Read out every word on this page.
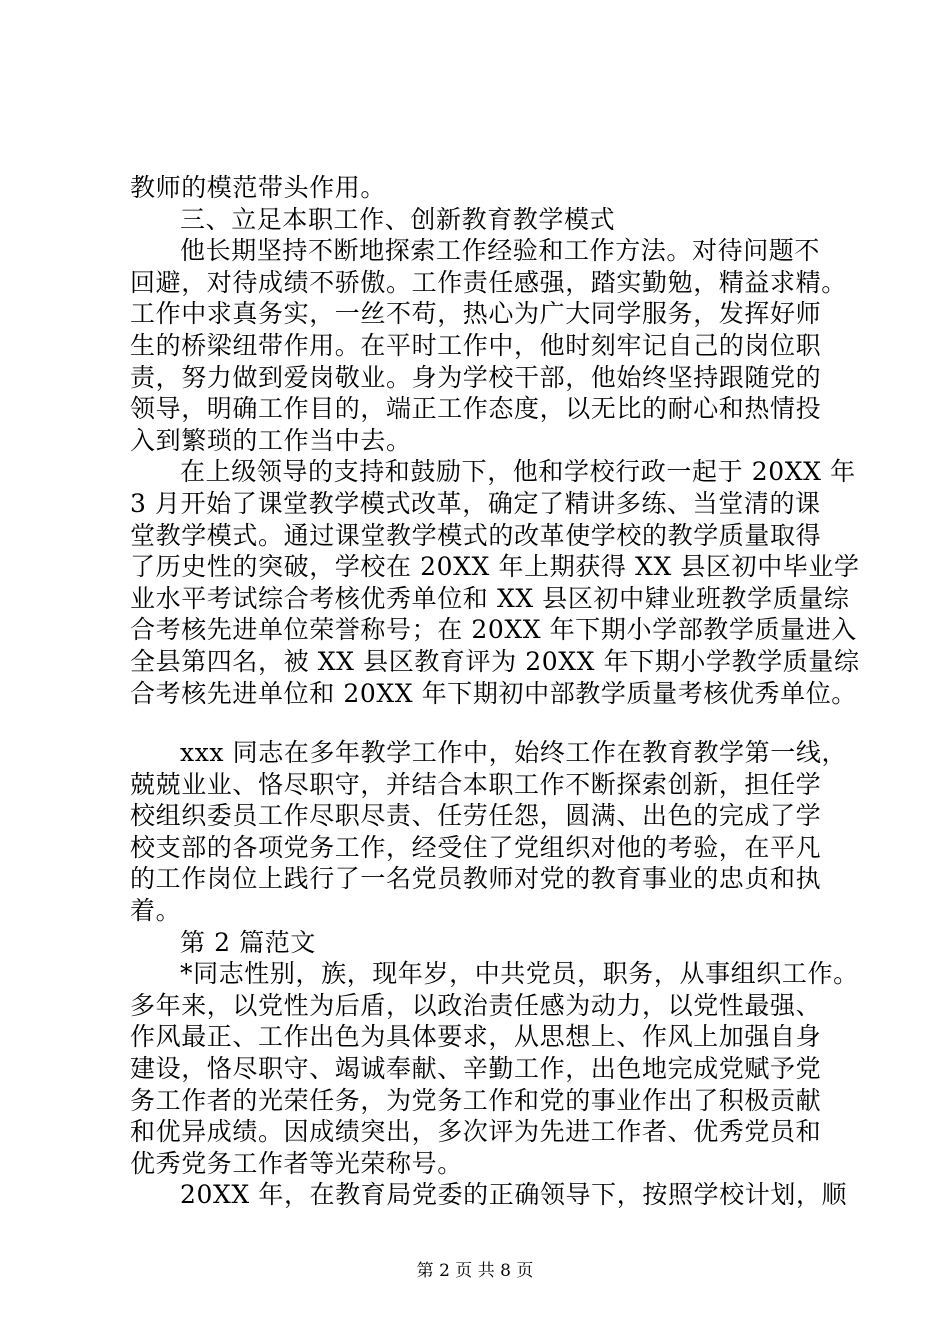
教师的模范带头作用。
三、立足本职工作、创新教育教学模式
他长期坚持不断地探索工作经验和工作方法。对待问题不
回避，对待成绩不骄傲。工作责任感强，踏实勤勉，精益求精。
工作中求真务实，一丝不苟，热心为广大同学服务，发挥好师
生的桥梁纽带作用。在平时工作中，他时刻牢记自己的岗位职
责，努力做到爱岗敬业。身为学校干部，他始终坚持跟随党的
领导，明确工作目的，端正工作态度，以无比的耐心和热情投
入到繁琐的工作当中去。
在上级领导的支持和鼓励下，他和学校行政一起于 20XX 年
3 月开始了课堂教学模式改革，确定了精讲多练、当堂清的课
堂教学模式。通过课堂教学模式的改革使学校的教学质量取得
了历史性的突破，学校在 20XX 年上期获得 XX 县区初中毕业学
业水平考试综合考核优秀单位和 XX 县区初中肄业班教学质量综
合考核先进单位荣誉称号；在 20XX 年下期小学部教学质量进入
全县第四名，被 XX 县区教育评为 20XX 年下期小学教学质量综
合考核先进单位和 20XX 年下期初中部教学质量考核优秀单位。
xxx 同志在多年教学工作中，始终工作在教育教学第一线，
兢兢业业、恪尽职守，并结合本职工作不断探索创新，担任学
校组织委员工作尽职尽责、任劳任怨，圆满、出色的完成了学
校支部的各项党务工作，经受住了党组织对他的考验，在平凡
的工作岗位上践行了一名党员教师对党的教育事业的忠贞和执
着。
第 2 篇范文
*同志性别，族，现年岁，中共党员，职务，从事组织工作。
多年来，以党性为后盾，以政治责任感为动力，以党性最强、
作风最正、工作出色为具体要求，从思想上、作风上加强自身
建设，恪尽职守、竭诚奉献、辛勤工作，出色地完成党赋予党
务工作者的光荣任务，为党务工作和党的事业作出了积极贡献
和优异成绩。因成绩突出，多次评为先进工作者、优秀党员和
优秀党务工作者等光荣称号。
20XX 年，在教育局党委的正确领导下，按照学校计划，顺
第 2 页 共 8 页
